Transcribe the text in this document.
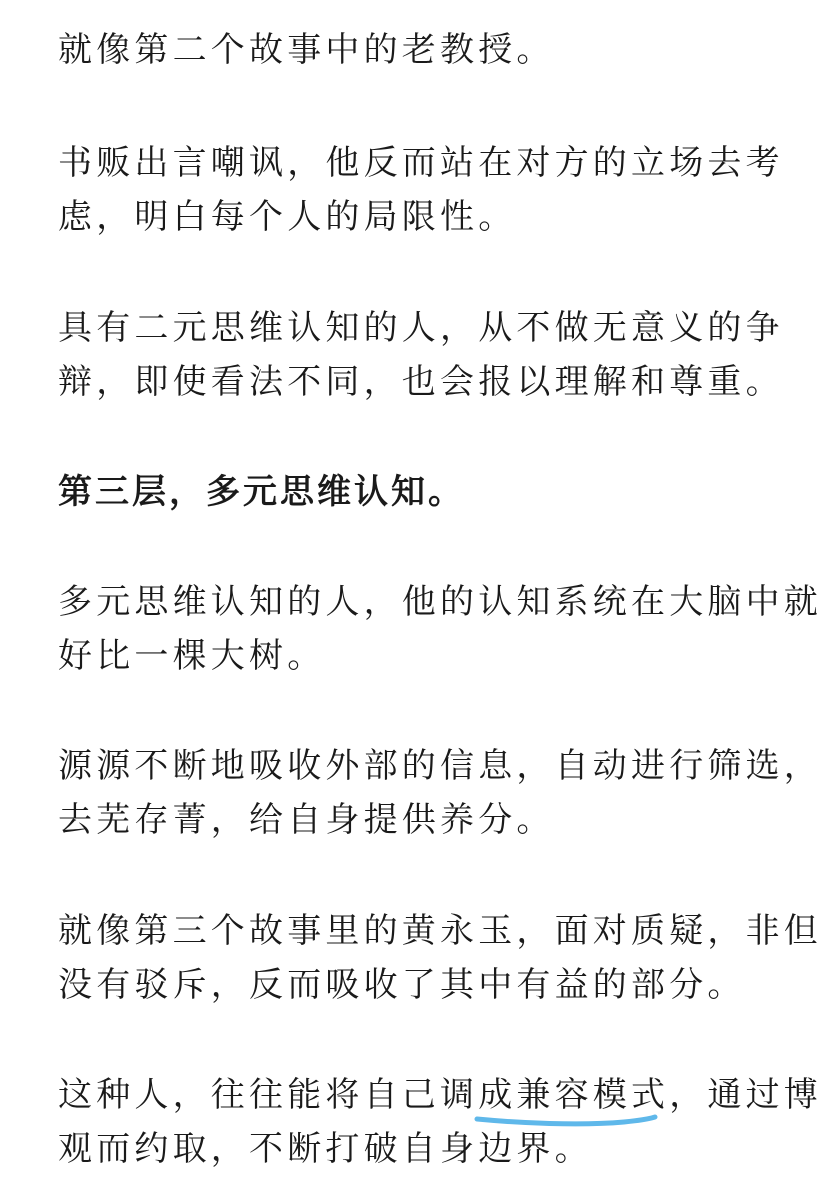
就像第二个故事中的老教授。
书贩出言嘲讽，他反而站在对方的立场去考
虑，明白每个人的局限性。
具有二元思维认知的人，从不做无意义的争
辩，即使看法不同，也会报以理解和尊重。
第三层，多元思维认知。
多元思维认知的人，他的认知系统在大脑中就
好比一棵大树。
源源不断地吸收外部的信息，自动进行筛选，
去芜存菁，给自身提供养分。
就像第三个故事里的黄永玉，面对质疑，非但
没有驳斥，反而吸收了其中有益的部分。
这种人，往往能将自己调成兼容模式
，通过博
观而约取，不断打破自身边界。
